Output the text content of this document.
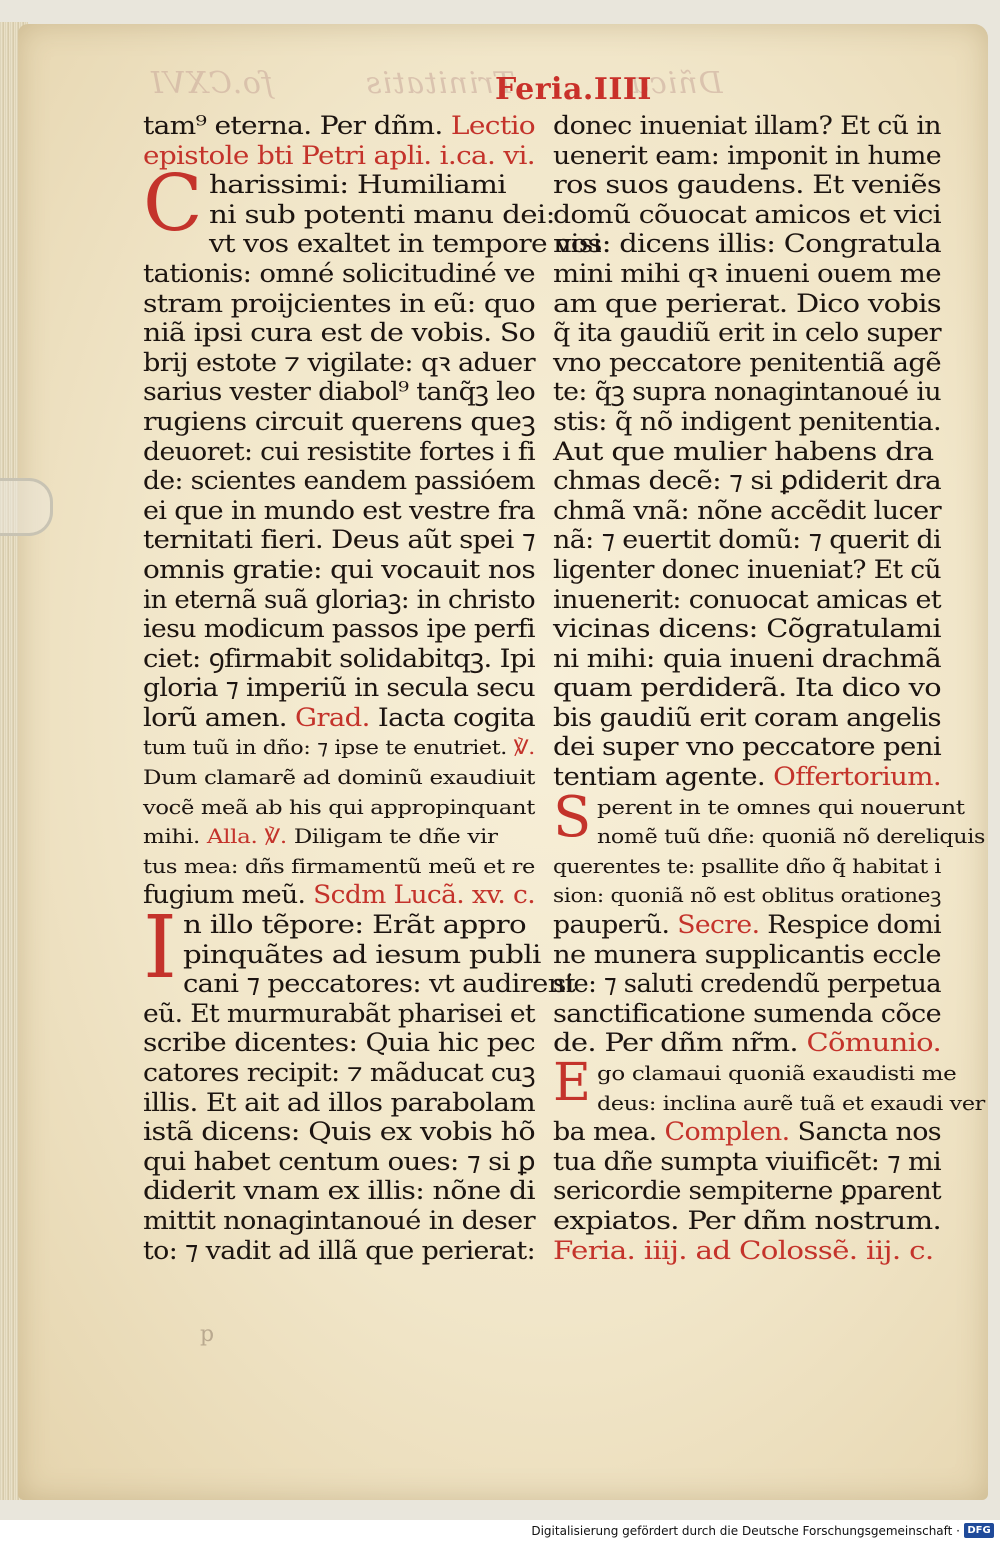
fo.CXVI	Trinitatis	Dñica
Feria.IIII
tam⁹ eterna. Per dñm. Lectio
epistole bti Petri apli. i.ca. vi.
C harissimi: Humiliami
ni sub potenti manu dei:
vt vos exaltet in tempore visi
tationis: omné solicitudiné ve
stram proijcientes in eũ: quo
niã ipsi cura est de vobis. So
brij estote ⁊ vigilate: qꝛ aduer
sarius vester diabol⁹ tanq̃ꝫ leo
rugiens circuit querens queꝫ
deuoret: cui resistite fortes i fi
de: scientes eandem passióem
ei que in mundo est vestre fra
ternitati fieri. Deus aũt spei ⁊
omnis gratie: qui vocauit nos
in eternã suã gloriaꝫ: in christo
iesu modicum passos ipe perfi
ciet: ꝯfirmabit solidabitqꝫ. Ipi
gloria ⁊ imperiũ in secula secu
lorũ amen. Grad. Iacta cogita
tum tuũ in dño: ⁊ ipse te enutriet. ℣.
Dum clamarẽ ad dominũ exaudiuit
vocẽ meã ab his qui appropinquant
mihi. Alla. ℣. Diligam te dñe vir
tus mea: dñs firmamentũ meũ et re
fugium meũ. Scdm Lucã. xv. c.
I n illo tẽpore: Erãt appro
pinquãtes ad iesum publi
cani ⁊ peccatores: vt audirent
eũ. Et murmurabãt pharisei et
scribe dicentes: Quia hic pec
catores recipit: ⁊ mãducat cuꝫ
illis. Et ait ad illos parabolam
istã dicens: Quis ex vobis hõ
qui habet centum oues: ⁊ si ꝑ
diderit vnam ex illis: nõne di
mittit nonagintanoué in deser
to: ⁊ vadit ad illã que perierat:
donec inueniat illam? Et cũ in
uenerit eam: imponit in hume
ros suos gaudens. Et veniẽs
domũ cõuocat amicos et vici
nos: dicens illis: Congratula
mini mihi qꝛ inueni ouem me
am que perierat. Dico vobis
q̃ ita gaudiũ erit in celo super
vno peccatore penitentiã agẽ
te: q̃ꝫ supra nonagintanoué iu
stis: q̃ nõ indigent penitentia.
Aut que mulier habens dra
chmas decẽ: ⁊ si ꝑdiderit dra
chmã vnã: nõne accẽdit lucer
nã: ⁊ euertit domũ: ⁊ querit di
ligenter donec inueniat? Et cũ
inuenerit: conuocat amicas et
vicinas dicens: Cõgratulami
ni mihi: quia inueni drachmã
quam perdiderã. Ita dico vo
bis gaudiũ erit coram angelis
dei super vno peccatore peni
tentiam agente. Offertorium.
S perent in te omnes qui nouerunt
nomẽ tuũ dñe: quoniã nõ dereliquis
querentes te: psallite dño q̃ habitat i
sion: quoniã nõ est oblitus orationeꝫ
pauperũ. Secre. Respice domi
ne munera supplicantis eccle
sie: ⁊ saluti credendũ perpetua
sanctificatione sumenda cõce
de. Per dñm nr̃m. Cõmunio.
E go clamaui quoniã exaudisti me
deus: inclina aurẽ tuã et exaudi ver
ba mea. Complen. Sancta nos
tua dñe sumpta viuificẽt: ⁊ mi
sericordie sempiterne ꝑparent
expiatos. Per dñm nostrum.
Feria. iiij. ad Colossẽ. iij. c.
p
Digitalisierung gefördert durch die Deutsche Forschungsgemeinschaft · DFG
